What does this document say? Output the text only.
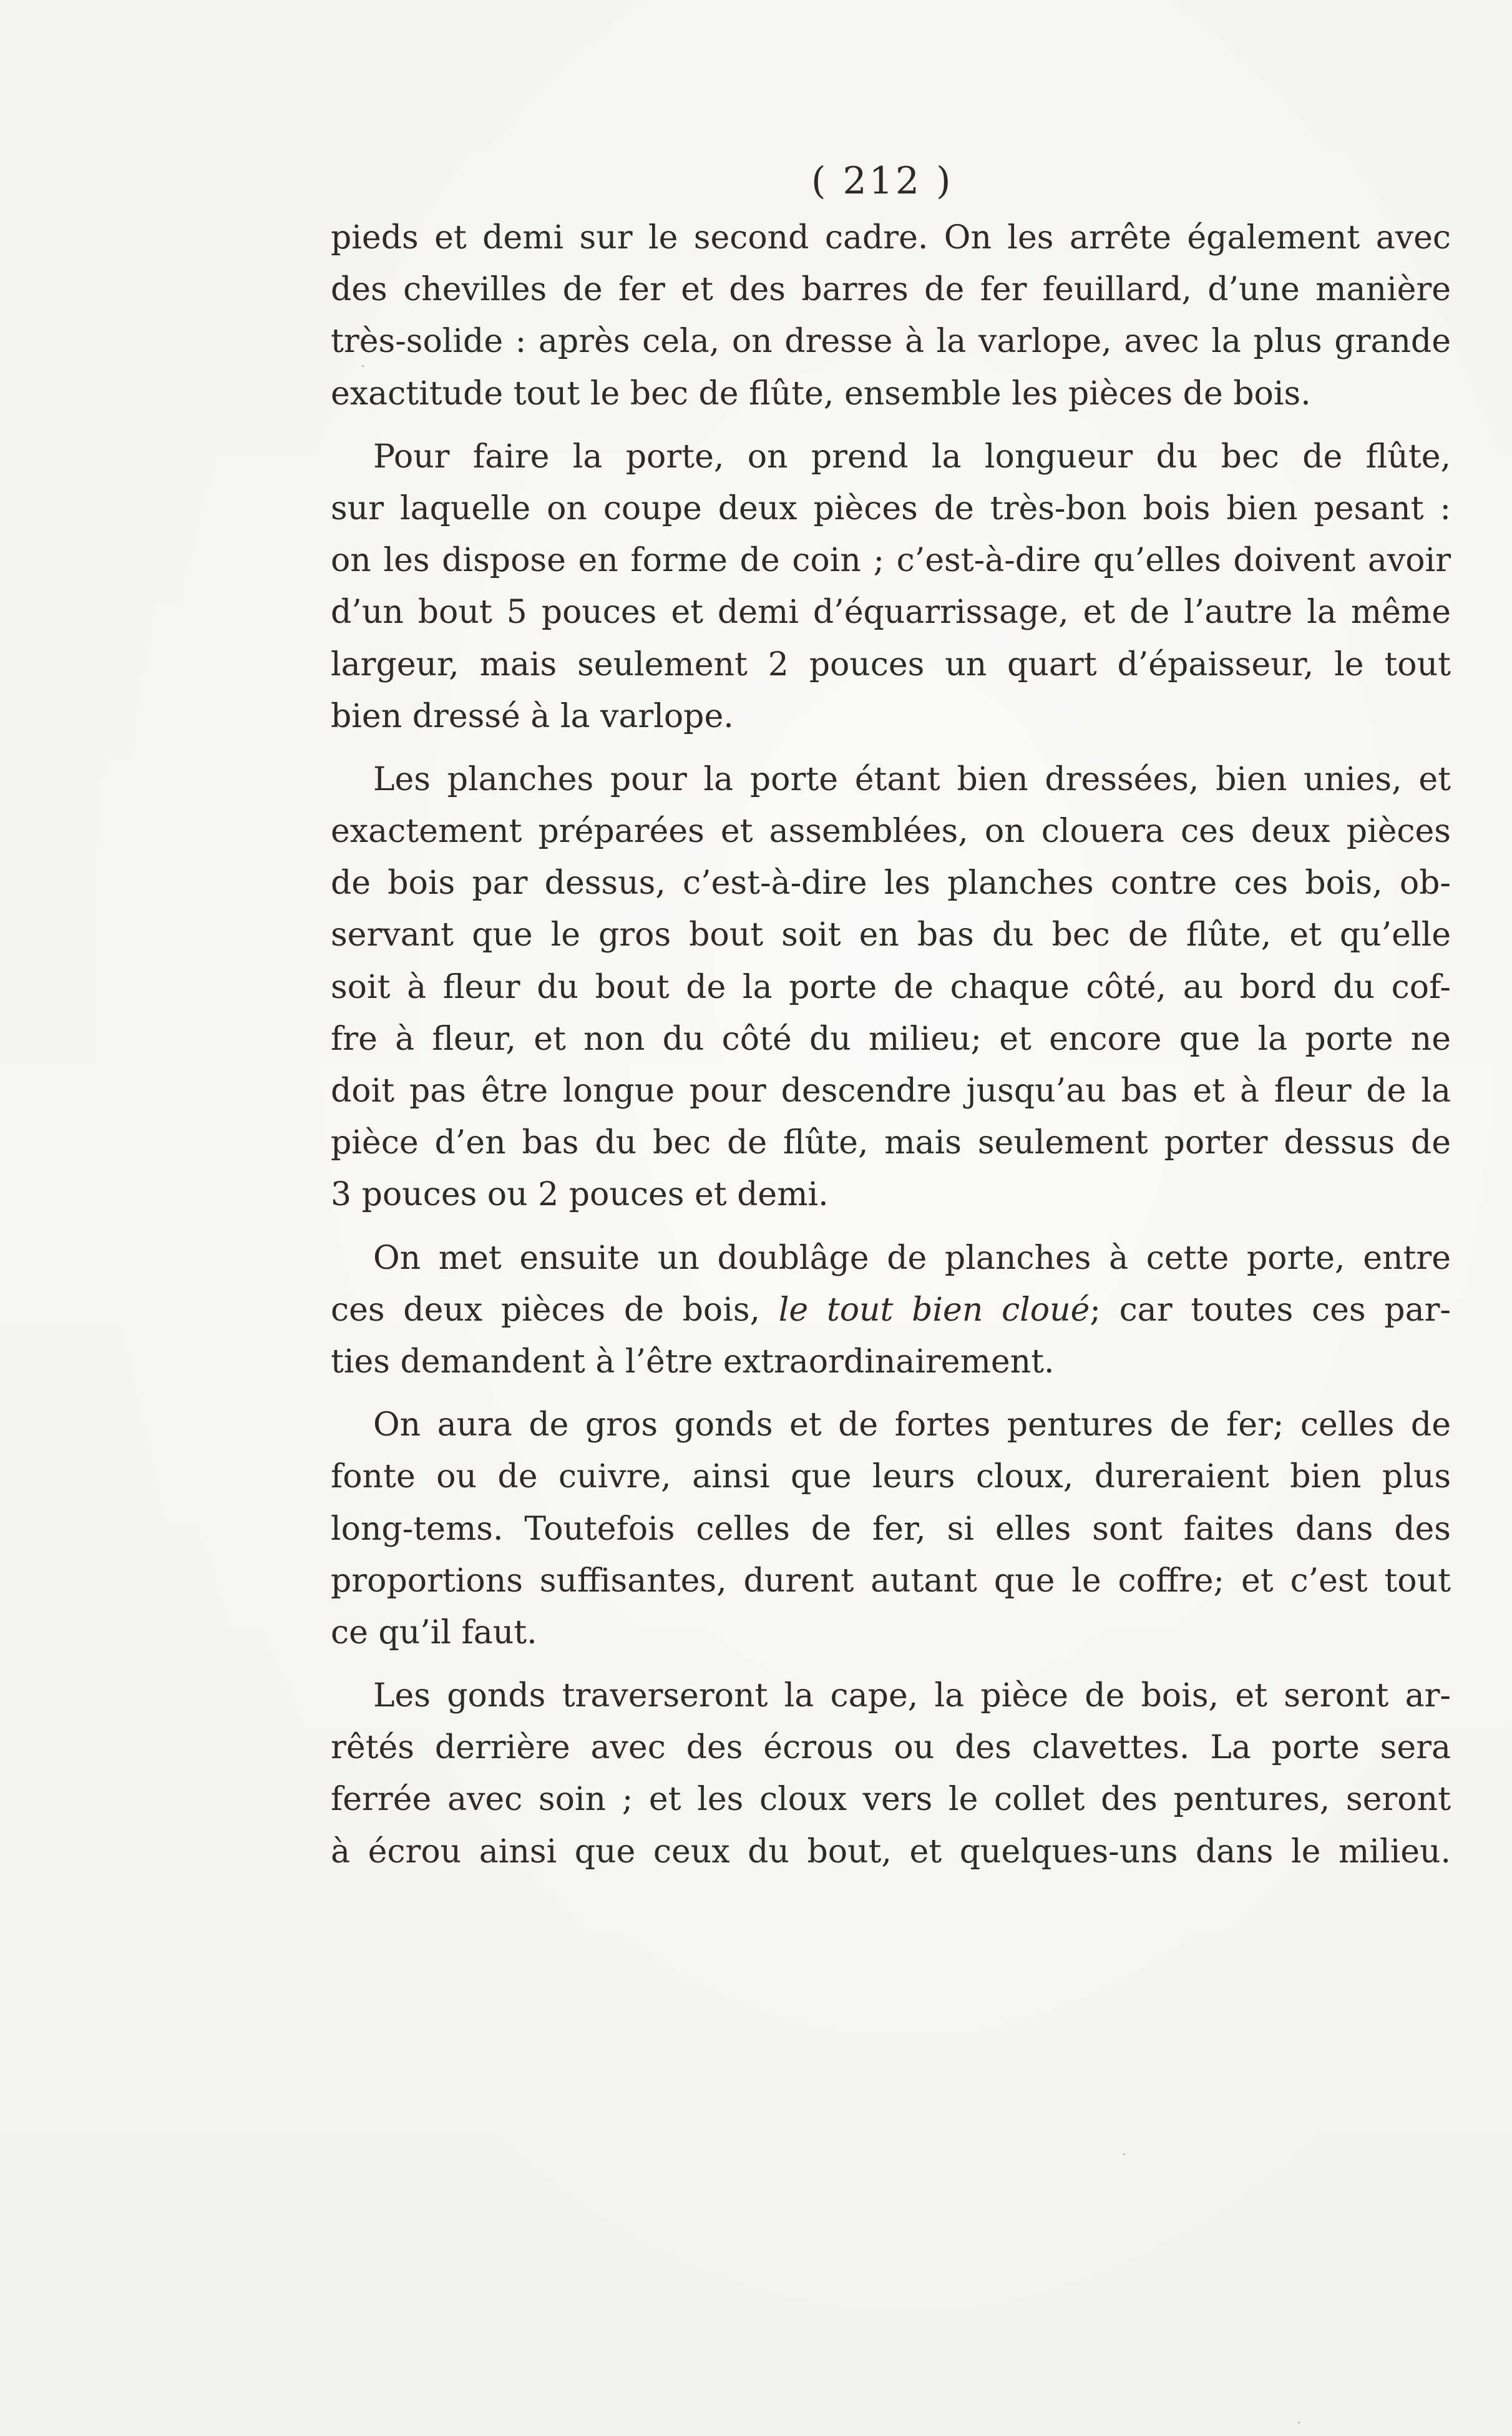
( 212 )
pieds et demi sur le second cadre. On les arrête également avec
des chevilles de fer et des barres de fer feuillard, d’une manière
très-solide : après cela, on dresse à la varlope, avec la plus grande
exactitude tout le bec de flûte, ensemble les pièces de bois.
Pour faire la porte, on prend la longueur du bec de flûte,
sur laquelle on coupe deux pièces de très-bon bois bien pesant :
on les dispose en forme de coin ; c’est-à-dire qu’elles doivent avoir
d’un bout 5 pouces et demi d’équarrissage, et de l’autre la même
largeur, mais seulement 2 pouces un quart d’épaisseur, le tout
bien dressé à la varlope.
Les planches pour la porte étant bien dressées, bien unies, et
exactement préparées et assemblées, on clouera ces deux pièces
de bois par dessus, c’est-à-dire les planches contre ces bois, ob-
servant que le gros bout soit en bas du bec de flûte, et qu’elle
soit à fleur du bout de la porte de chaque côté, au bord du cof-
fre à fleur, et non du côté du milieu; et encore que la porte ne
doit pas être longue pour descendre jusqu’au bas et à fleur de la
pièce d’en bas du bec de flûte, mais seulement porter dessus de
3 pouces ou 2 pouces et demi.
On met ensuite un doublâge de planches à cette porte, entre
ces deux pièces de bois, le tout bien cloué; car toutes ces par-
ties demandent à l’être extraordinairement.
On aura de gros gonds et de fortes pentures de fer; celles de
fonte ou de cuivre, ainsi que leurs cloux, dureraient bien plus
long-tems. Toutefois celles de fer, si elles sont faites dans des
proportions suffisantes, durent autant que le coffre; et c’est tout
ce qu’il faut.
Les gonds traverseront la cape, la pièce de bois, et seront ar-
rêtés derrière avec des écrous ou des clavettes. La porte sera
ferrée avec soin ; et les cloux vers le collet des pentures, seront
à écrou ainsi que ceux du bout, et quelques-uns dans le milieu.
